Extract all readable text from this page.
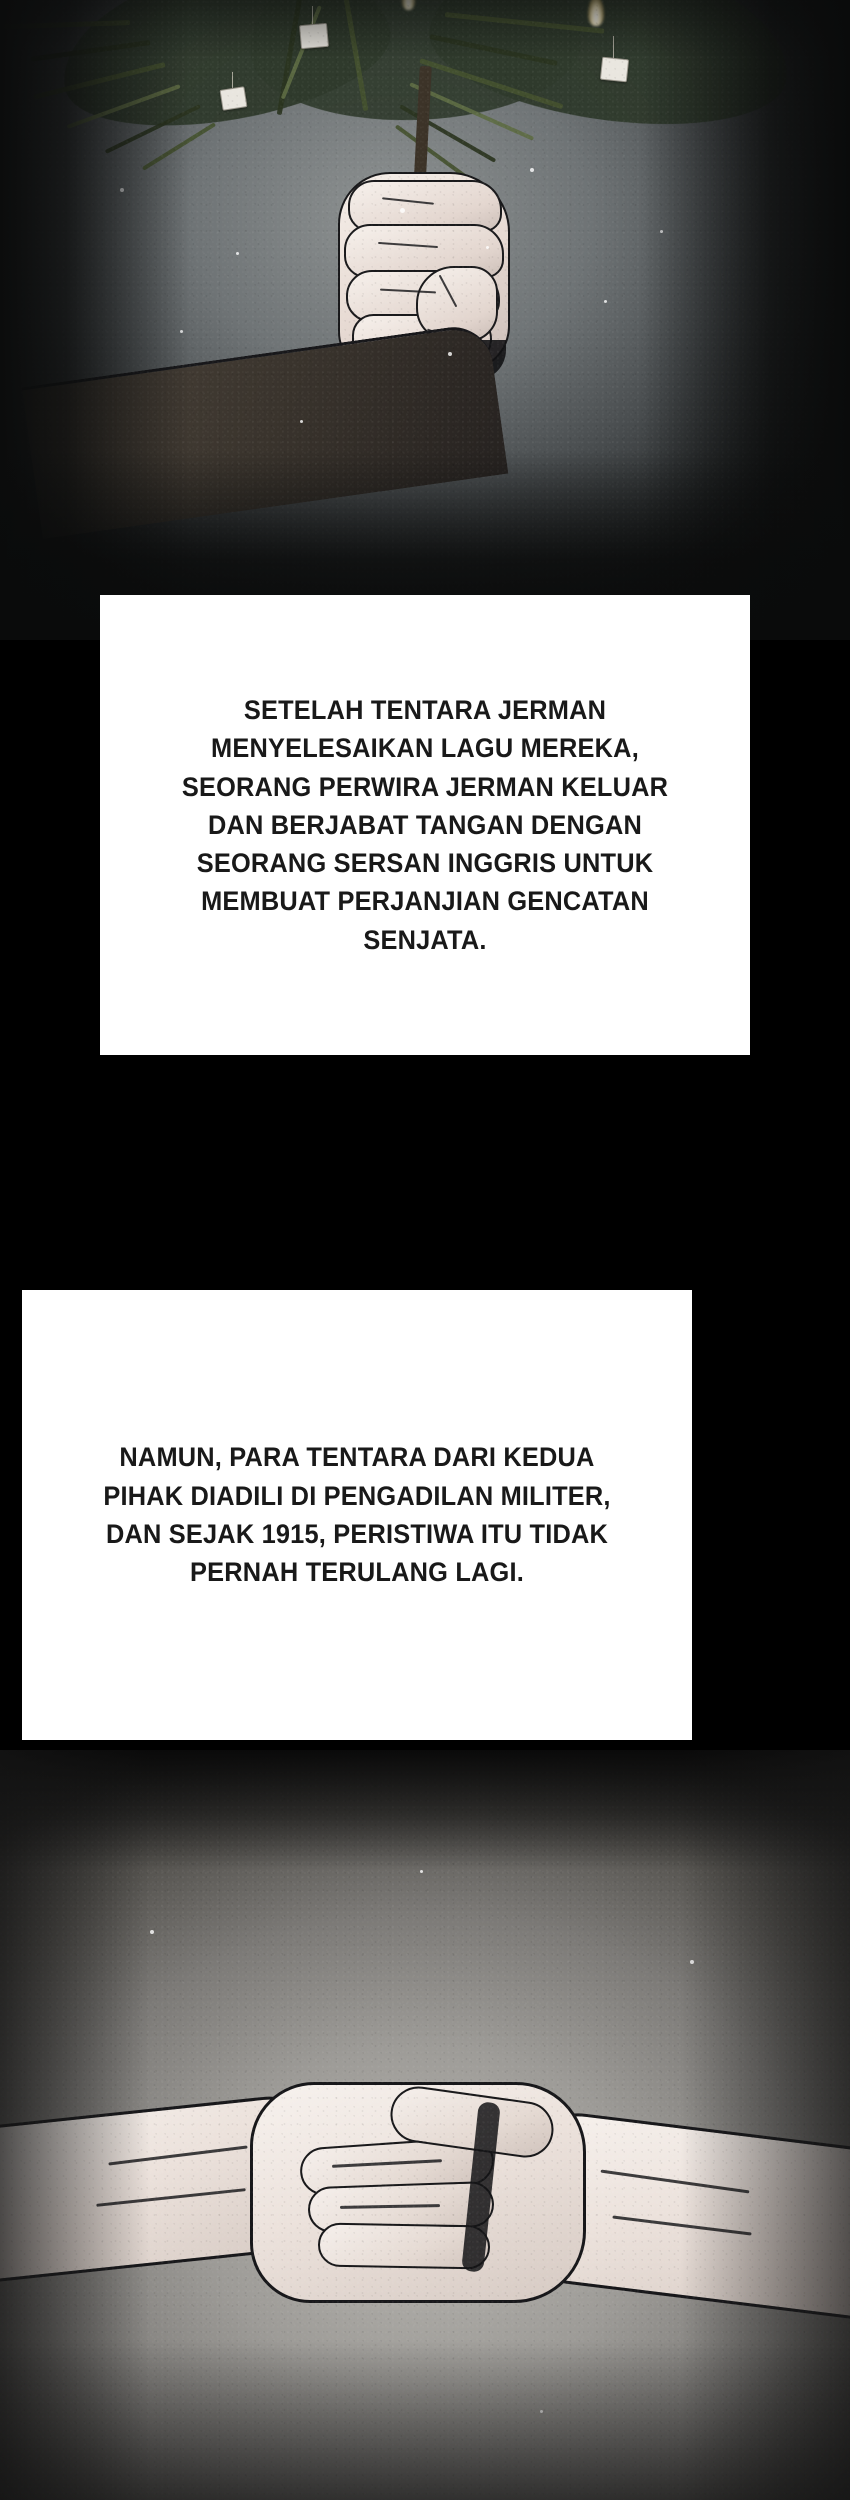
SETELAH TENTARA JERMAN MENYELESAIKAN LAGU MEREKA, SEORANG PERWIRA JERMAN KELUAR DAN BERJABAT TANGAN DENGAN SEORANG SERSAN INGGRIS UNTUK MEMBUAT PERJANJIAN GENCATAN SENJATA.

NAMUN, PARA TENTARA DARI KEDUA PIHAK DIADILI DI PENGADILAN MILITER, DAN SEJAK 1915, PERISTIWA ITU TIDAK PERNAH TERULANG LAGI.
